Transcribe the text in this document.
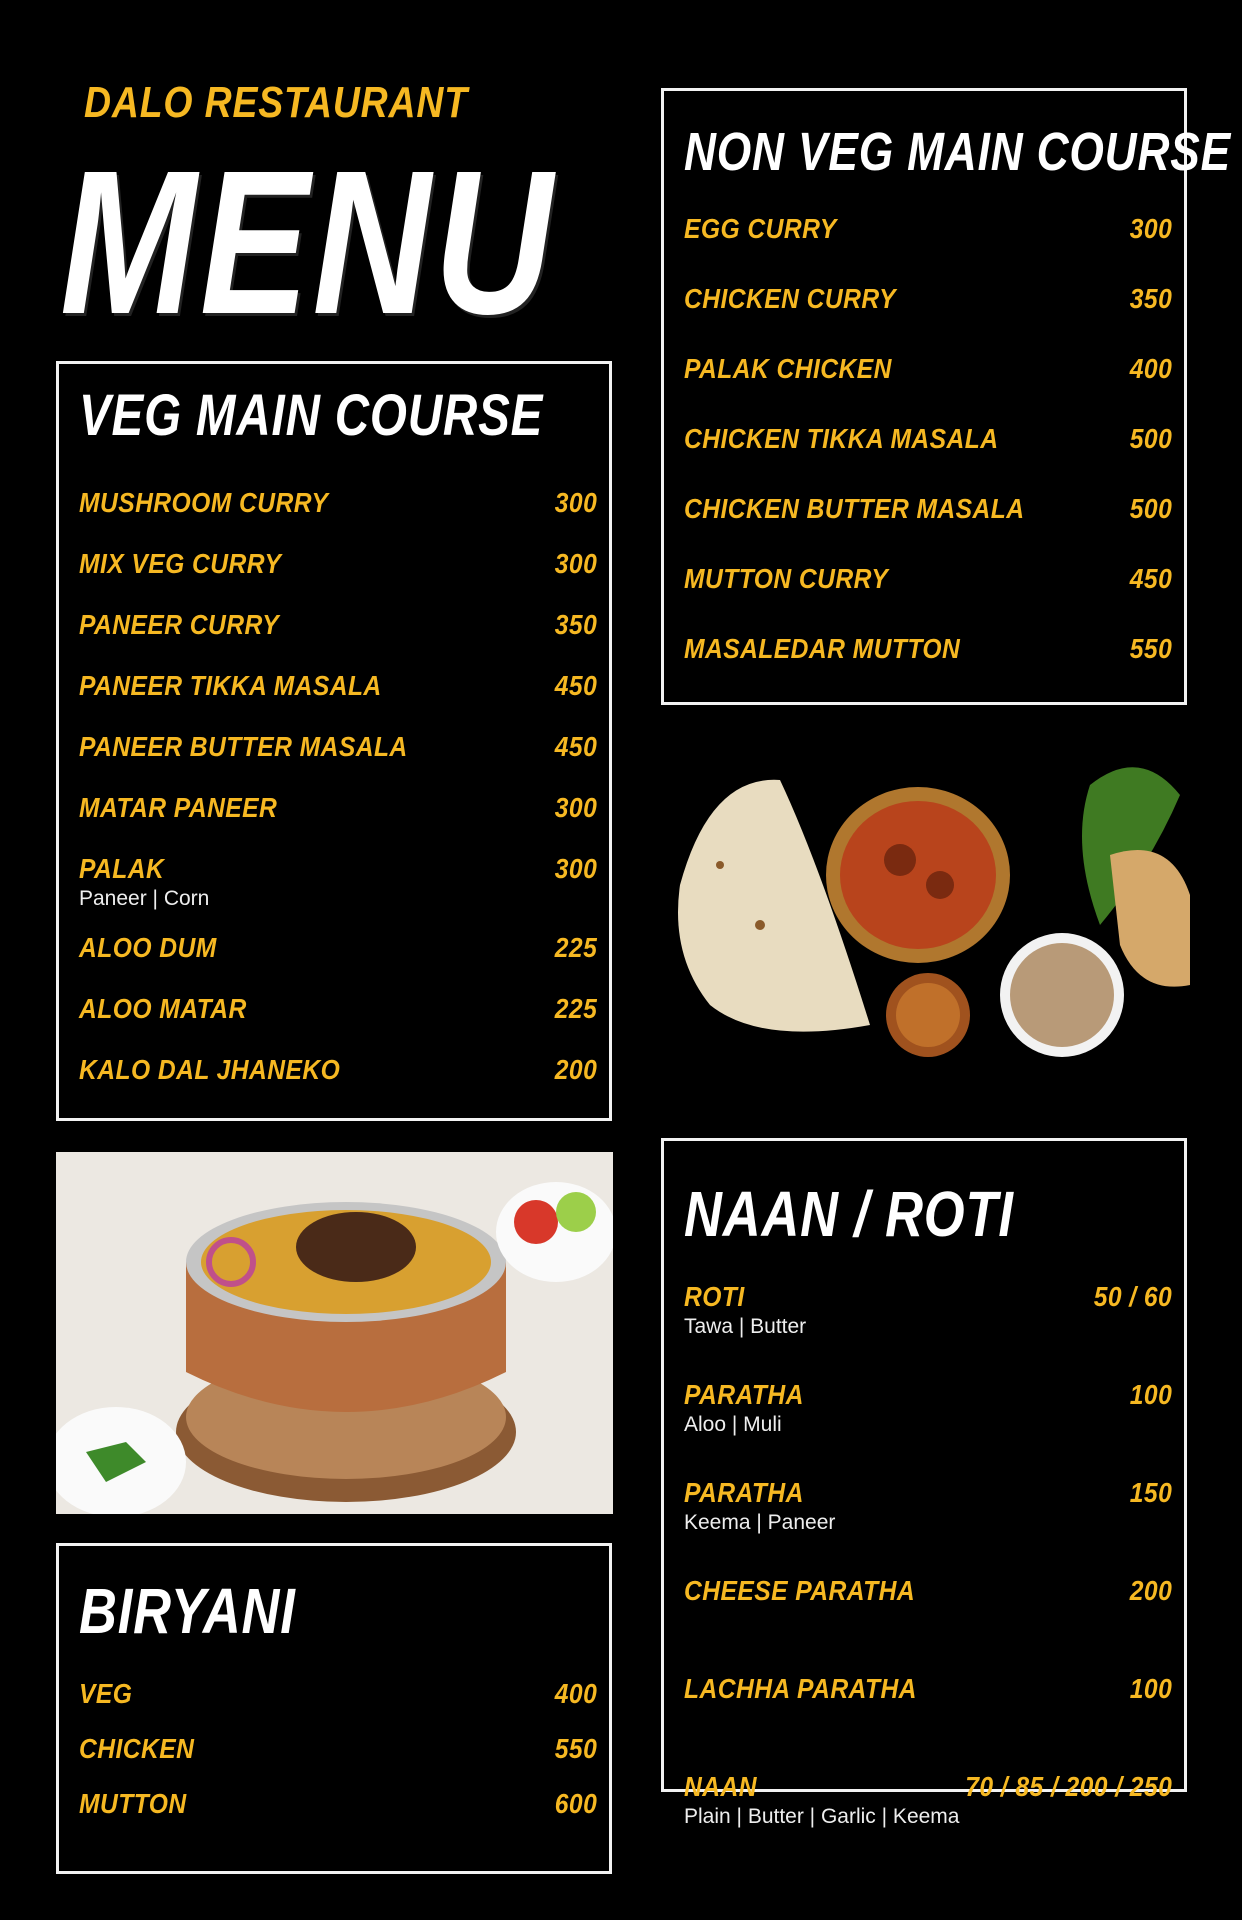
DALO RESTAURANT
MENU
VEG MAIN COURSE
MUSHROOM CURRY	300
MIX VEG CURRY	300
PANEER CURRY	350
PANEER TIKKA MASALA	450
PANEER BUTTER MASALA	450
MATAR PANEER	300
PALAK	300
Paneer | Corn
ALOO DUM	225
ALOO MATAR	225
KALO DAL JHANEKO	200
NON VEG MAIN COURSE
EGG CURRY	300
CHICKEN CURRY	350
PALAK CHICKEN	400
CHICKEN TIKKA MASALA	500
CHICKEN BUTTER MASALA	500
MUTTON CURRY	450
MASALEDAR MUTTON	550
NAAN / ROTI
ROTI	50 / 60
Tawa | Butter
PARATHA	100
Aloo | Muli
PARATHA	150
Keema | Paneer
CHEESE PARATHA	200
LACHHA PARATHA	100
NAAN	70 / 85 / 200 / 250
Plain | Butter | Garlic | Keema
BIRYANI
VEG	400
CHICKEN	550
MUTTON	600
